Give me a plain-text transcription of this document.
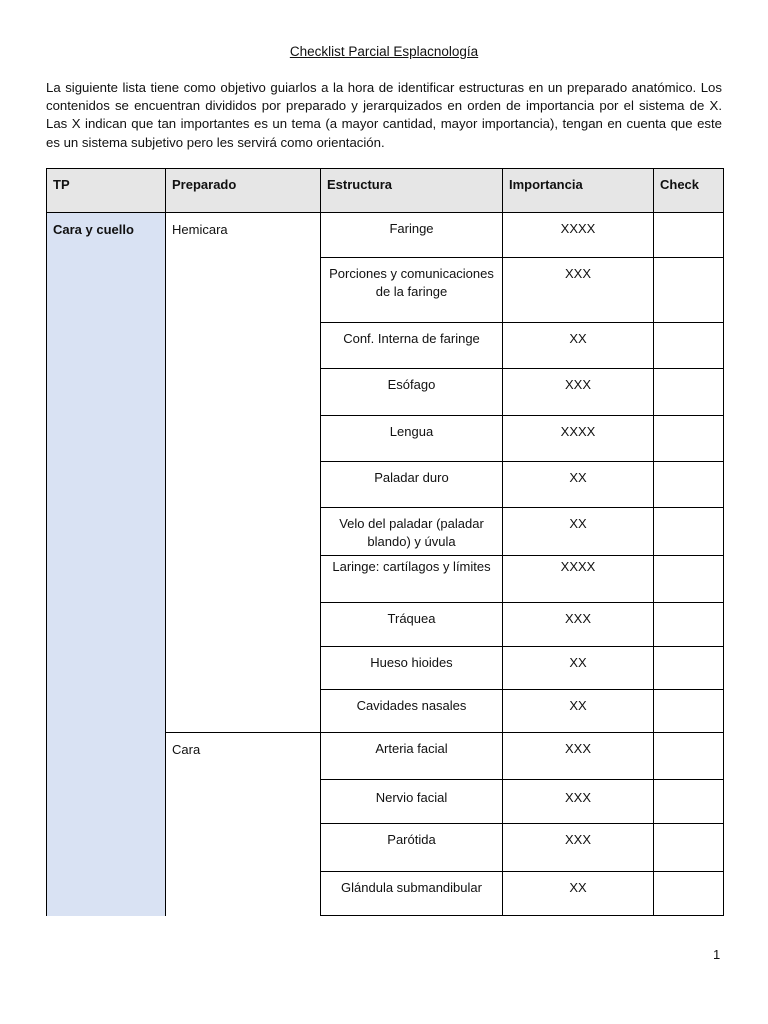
Checklist Parcial Esplacnología
La siguiente lista tiene como objetivo guiarlos a la hora de identificar estructuras en un preparado anatómico. Los contenidos se encuentran divididos por preparado y jerarquizados en orden de importancia por el sistema de X. Las X indican que tan importantes es un tema (a mayor cantidad, mayor importancia), tengan en cuenta que este es un sistema subjetivo pero les servirá como orientación.
TP	Preparado	Estructura	Importancia	Check
Cara y cuello	Hemicara	Faringe	XXXX	
		Porciones y comunicaciones de la faringe	XXX	
		Conf. Interna de faringe	XX	
		Esófago	XXX	
		Lengua	XXXX	
		Paladar duro	XX	
		Velo del paladar (paladar blando) y úvula	XX	
		Laringe: cartílagos y límites	XXXX	
		Tráquea	XXX	
		Hueso hioides	XX	
		Cavidades nasales	XX	
	Cara	Arteria facial	XXX	
		Nervio facial	XXX	
		Parótida	XXX	
		Glándula submandibular	XX	
1
